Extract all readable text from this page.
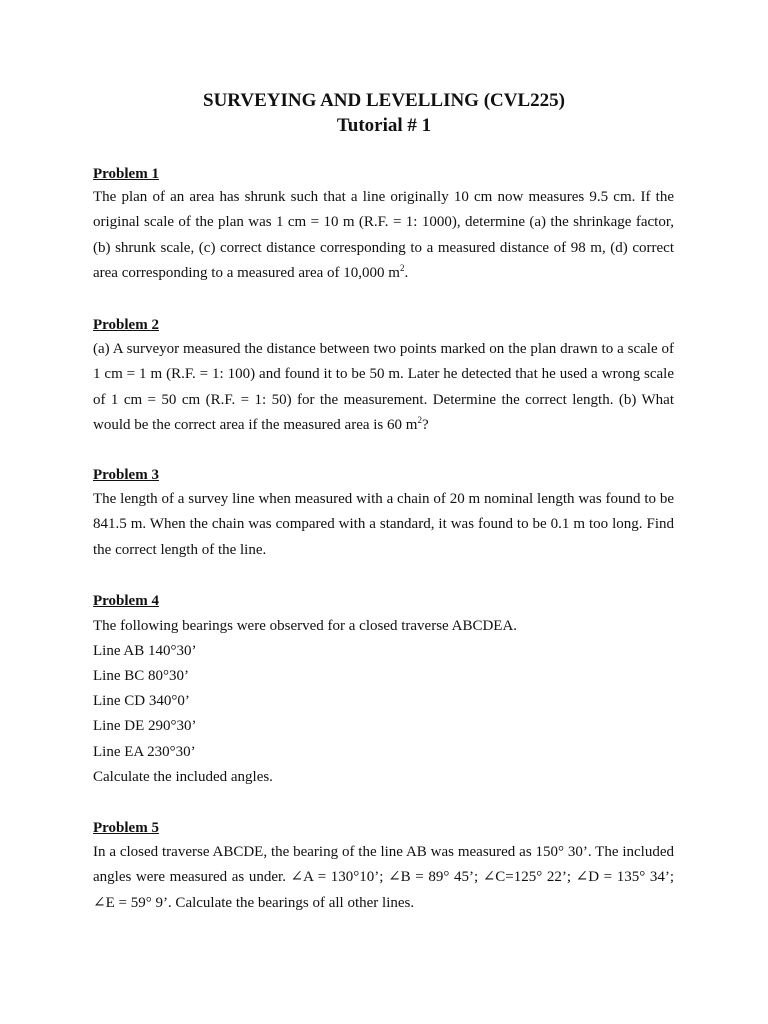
SURVEYING AND LEVELLING (CVL225)
Tutorial # 1
Problem 1
The plan of an area has shrunk such that a line originally 10 cm now measures 9.5 cm. If the original scale of the plan was 1 cm = 10 m (R.F. = 1: 1000), determine (a) the shrinkage factor, (b) shrunk scale, (c) correct distance corresponding to a measured distance of 98 m, (d) correct area corresponding to a measured area of 10,000 $m^2$.
Problem 2
(a) A surveyor measured the distance between two points marked on the plan drawn to a scale of 1 cm = 1 m (R.F. = 1: 100) and found it to be 50 m. Later he detected that he used a wrong scale of 1 cm = 50 cm (R.F. = 1: 50) for the measurement. Determine the correct length. (b) What would be the correct area if the measured area is 60 $m^2$?
Problem 3
The length of a survey line when measured with a chain of 20 m nominal length was found to be 841.5 m. When the chain was compared with a standard, it was found to be 0.1 m too long. Find the correct length of the line.
Problem 4
The following bearings were observed for a closed traverse ABCDEA.
Line AB 140°30’
Line BC 80°30’
Line CD 340°0’
Line DE 290°30’
Line EA 230°30’
Calculate the included angles.
Problem 5
In a closed traverse ABCDE, the bearing of the line AB was measured as 150° 30’. The included angles were measured as under. ∠A = 130°10’; ∠B = 89° 45’; ∠C=125° 22’; ∠D = 135° 34’; ∠E = 59° 9’. Calculate the bearings of all other lines.
